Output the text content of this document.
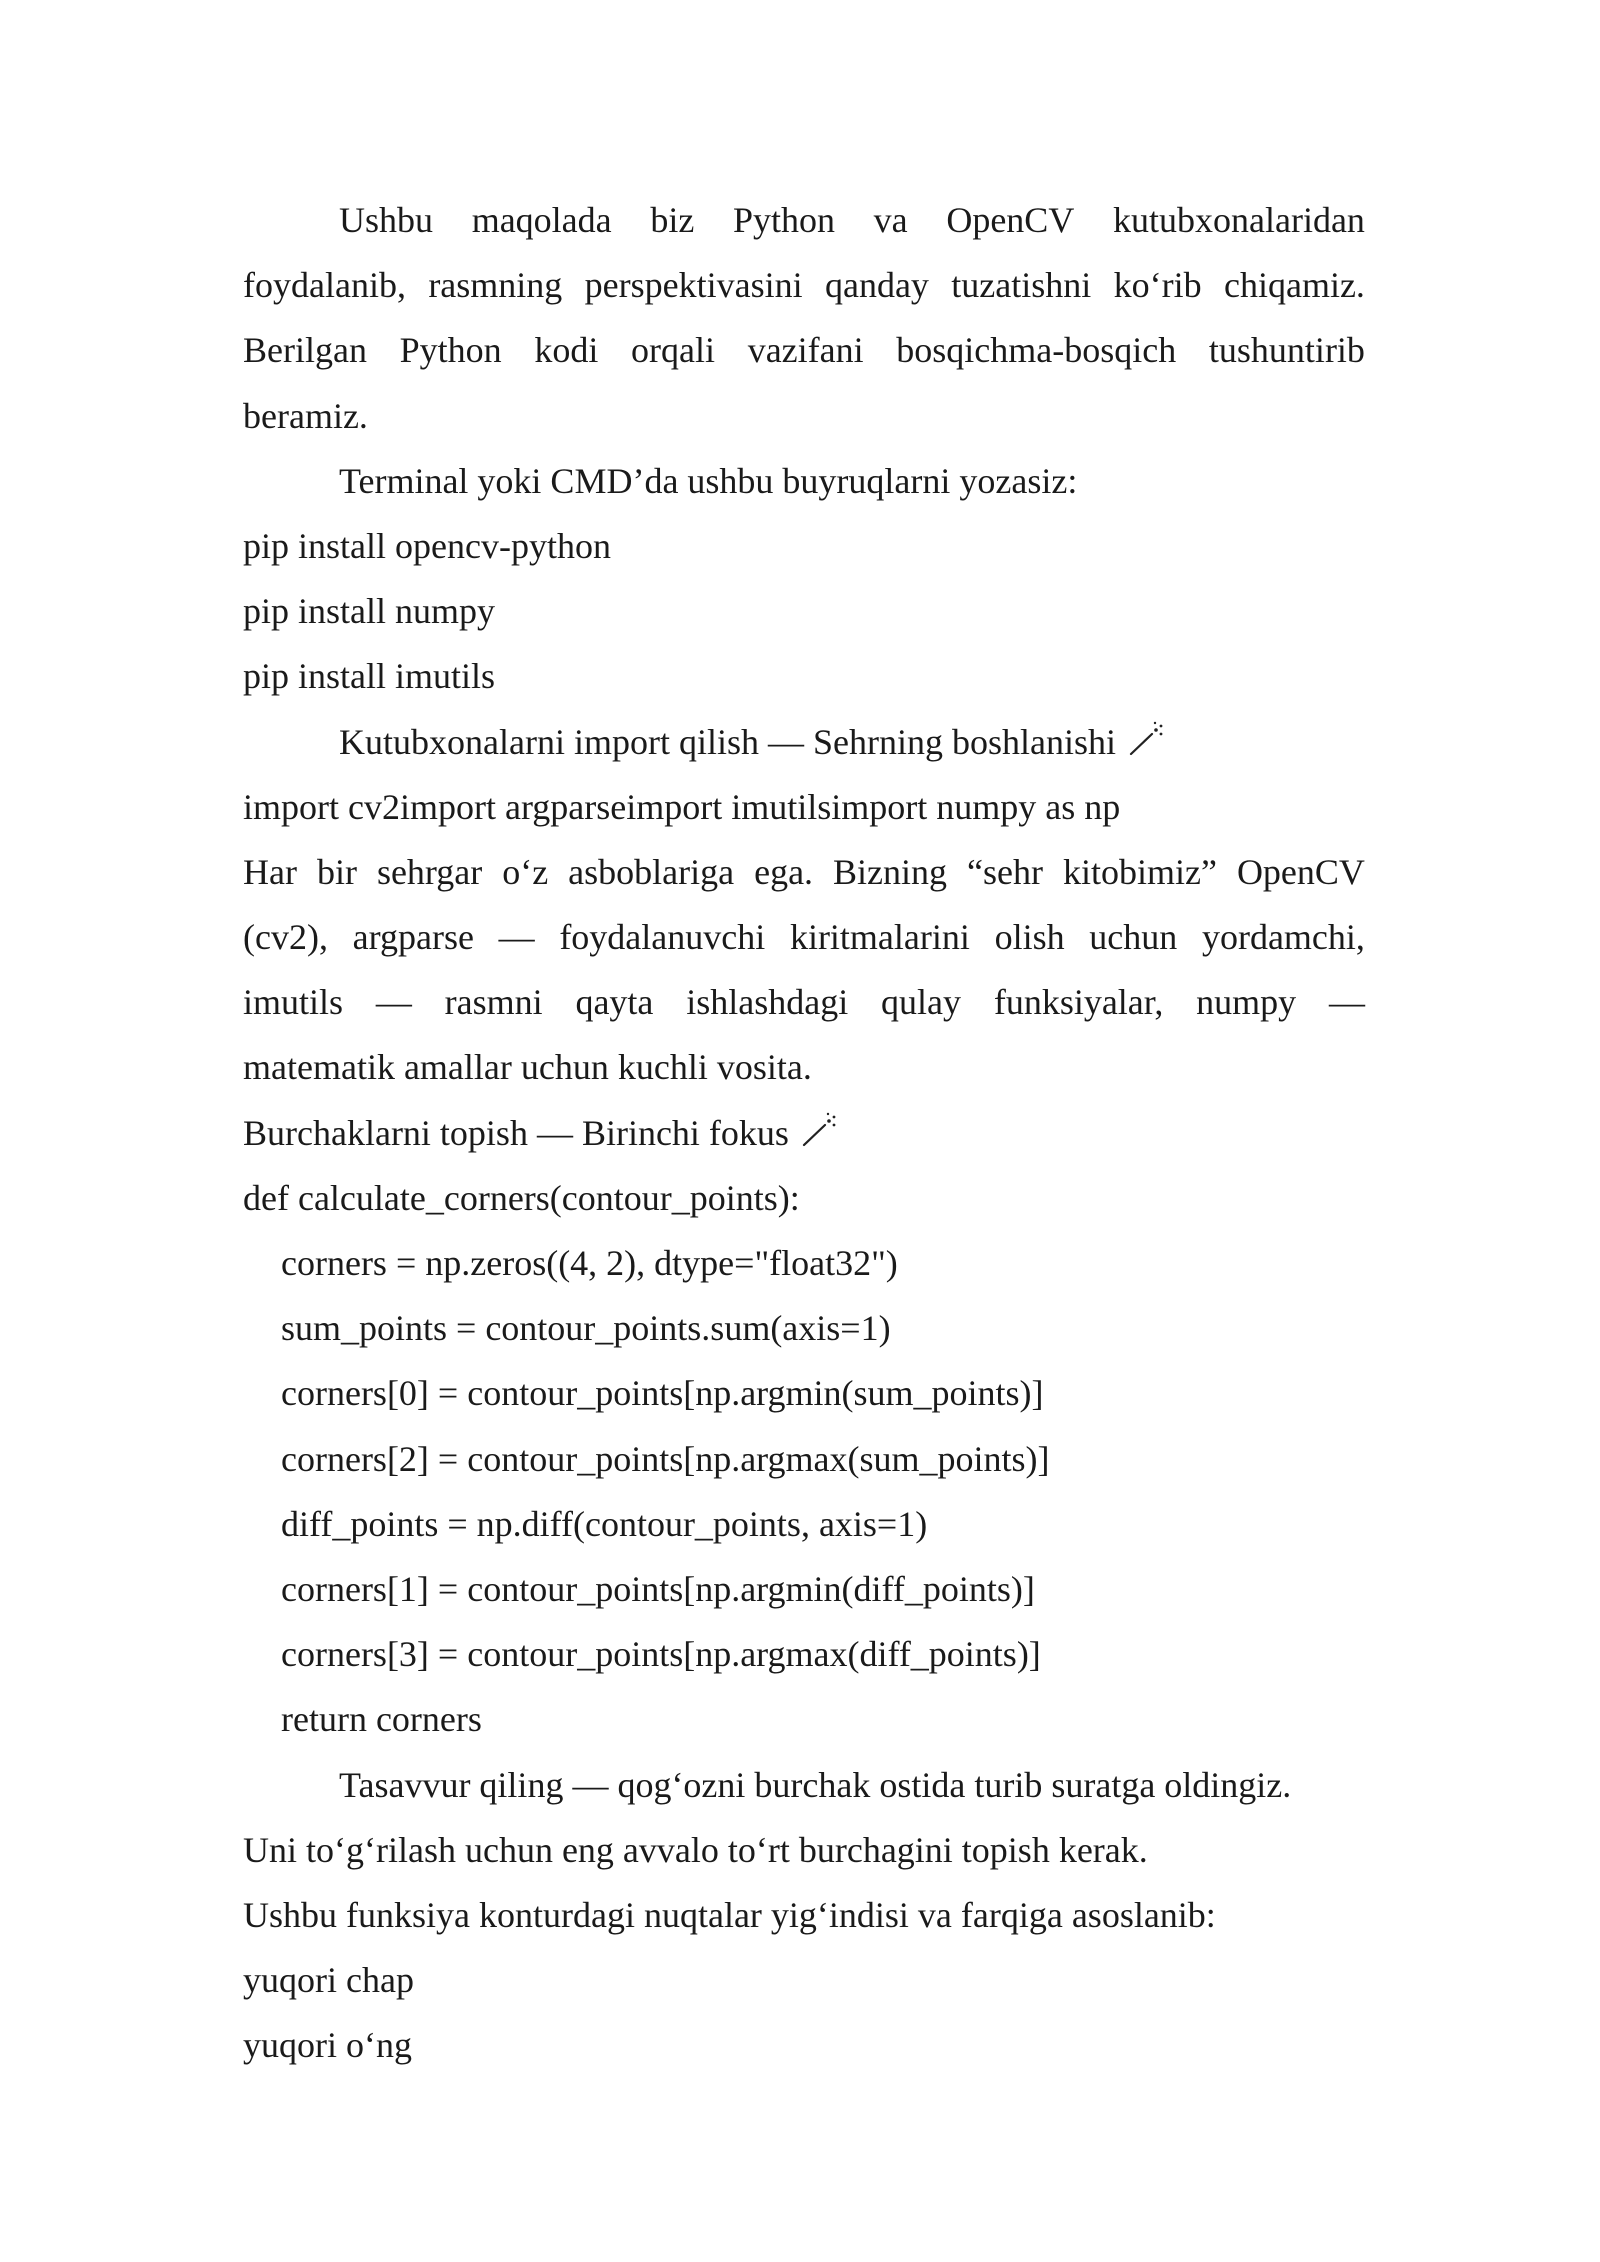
Ushbu maqolada biz Python va OpenCV kutubxonalaridan
foydalanib, rasmning perspektivasini qanday tuzatishni ko‘rib chiqamiz.
Berilgan Python kodi orqali vazifani bosqichma-bosqich tushuntirib
beramiz.
Terminal yoki CMD’da ushbu buyruqlarni yozasiz:
pip install opencv-python
pip install numpy
pip install imutils
Kutubxonalarni import qilish — Sehrning boshlanishi
import cv2import argparseimport imutilsimport numpy as np
Har bir sehrgar o‘z asboblariga ega. Bizning “sehr kitobimiz” OpenCV
(cv2), argparse — foydalanuvchi kiritmalarini olish uchun yordamchi,
imutils — rasmni qayta ishlashdagi qulay funksiyalar, numpy —
matematik amallar uchun kuchli vosita.
Burchaklarni topish — Birinchi fokus
def calculate_corners(contour_points):
corners = np.zeros((4, 2), dtype="float32")
sum_points = contour_points.sum(axis=1)
corners[0] = contour_points[np.argmin(sum_points)]
corners[2] = contour_points[np.argmax(sum_points)]
diff_points = np.diff(contour_points, axis=1)
corners[1] = contour_points[np.argmin(diff_points)]
corners[3] = contour_points[np.argmax(diff_points)]
return corners
Tasavvur qiling — qog‘ozni burchak ostida turib suratga oldingiz.
Uni to‘g‘rilash uchun eng avvalo to‘rt burchagini topish kerak.
Ushbu funksiya konturdagi nuqtalar yig‘indisi va farqiga asoslanib:
yuqori chap
yuqori o‘ng
